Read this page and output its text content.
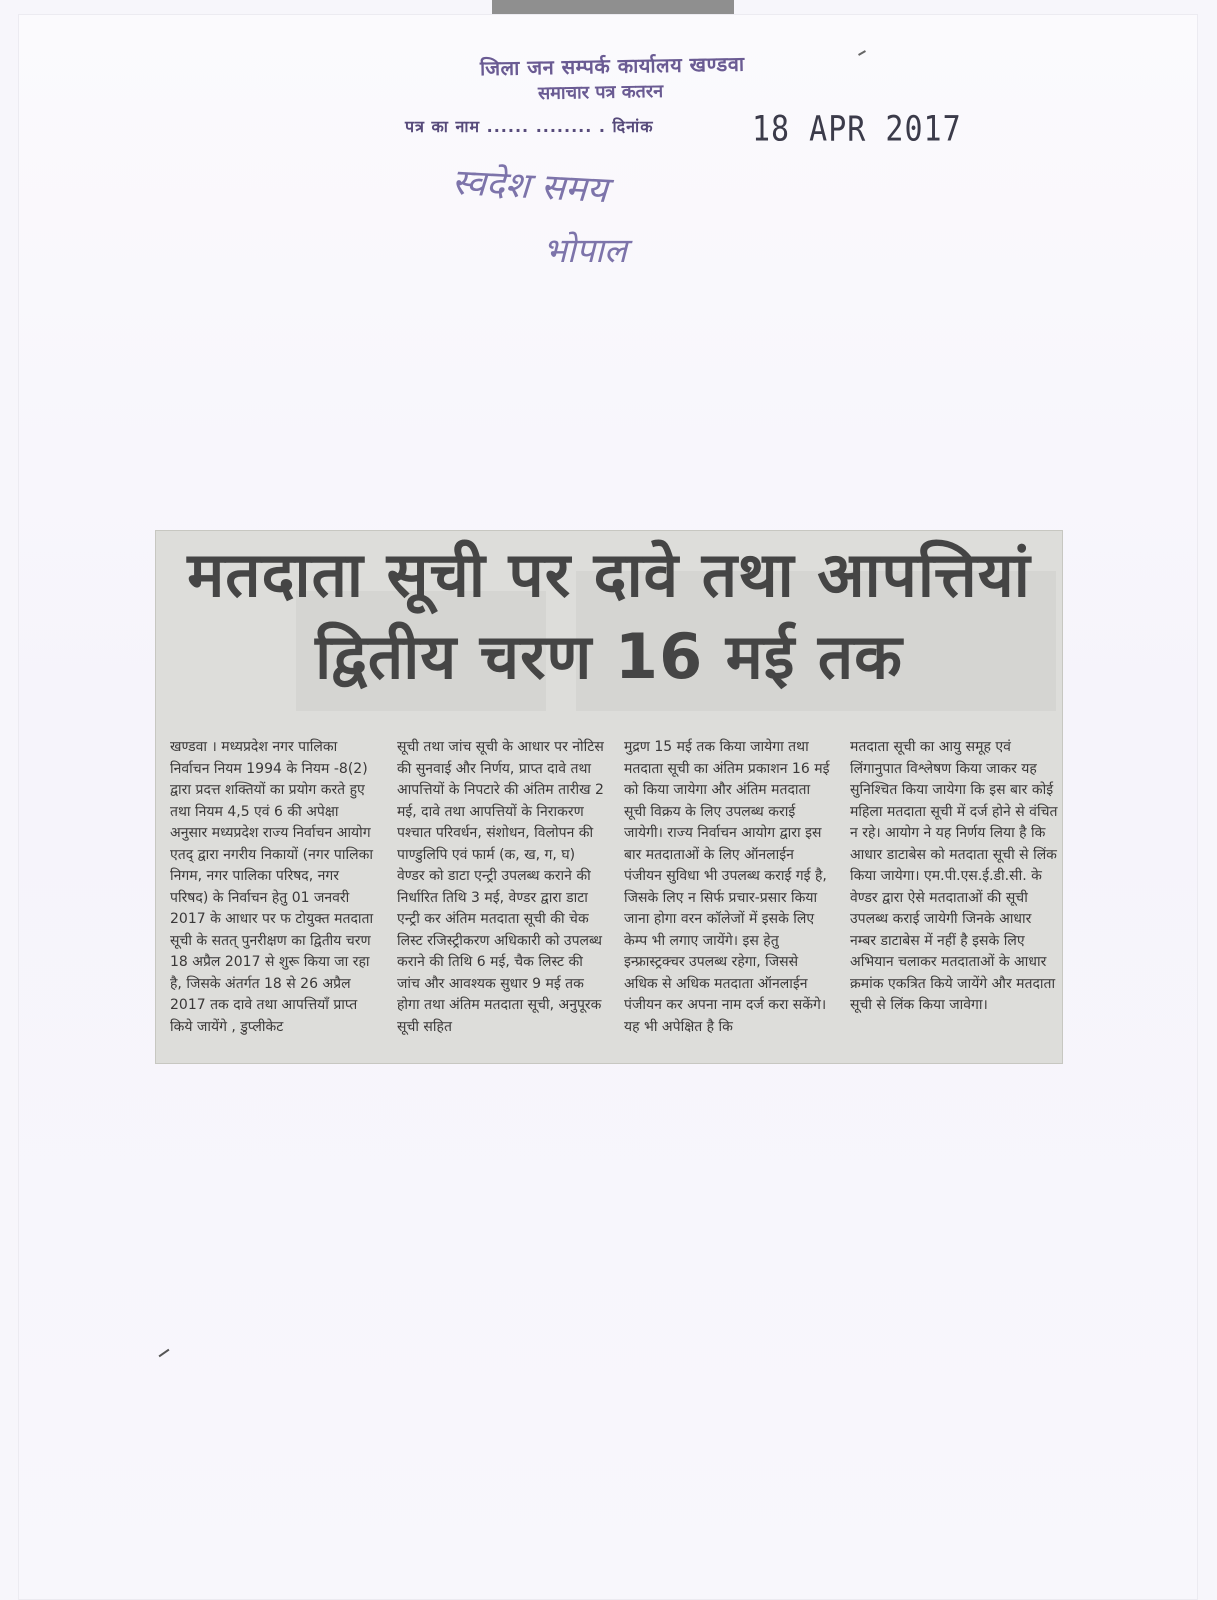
जिला जन सम्पर्क कार्यालय खण्डवा
समाचार पत्र कतरन
पत्र का नाम ...... ........ . दिनांक	18 APR 2017
स्वदेश समय
भोपाल
मतदाता सूची पर दावे तथा आपत्तियां
द्वितीय चरण 16 मई तक
खण्डवा । मध्यप्रदेश नगर पालिका निर्वाचन नियम 1994 के नियम -8(2) द्वारा प्रदत्त शक्तियों का प्रयोग करते हुए तथा नियम 4,5 एवं 6 की अपेक्षा अनुसार मध्यप्रदेश राज्य निर्वाचन आयोग एतद् द्वारा नगरीय निकायों (नगर पालिका निगम, नगर पालिका परिषद, नगर परिषद) के निर्वाचन हेतु 01 जनवरी 2017 के आधार पर फ टोयुक्त मतदाता सूची के सतत् पुनरीक्षण का द्वितीय चरण 18 अप्रैल 2017 से शुरू किया जा रहा है, जिसके अंतर्गत 18 से 26 अप्रैल 2017 तक दावे तथा आपत्तियॉं प्राप्त किये जायेंगे , डुप्लीकेट
सूची तथा जांच सूची के आधार पर नोटिस की सुनवाई और निर्णय, प्राप्त दावे तथा आपत्तियों के निपटारे की अंतिम तारीख 2 मई, दावे तथा आपत्तियों के निराकरण पश्चात परिवर्धन, संशोधन, विलोपन की पाण्डुलिपि एवं फार्म (क, ख, ग, घ) वेण्डर को डाटा एन्ट्री उपलब्ध कराने की निर्धारित तिथि 3 मई, वेण्डर द्वारा डाटा एन्ट्री कर अंतिम मतदाता सूची की चेक लिस्ट रजिस्ट्रीकरण अधिकारी को उपलब्ध कराने की तिथि 6 मई, चैक लिस्ट की जांच और आवश्यक सुधार 9 मई तक होगा तथा अंतिम मतदाता सूची, अनुपूरक सूची सहित
मुद्रण 15 मई तक किया जायेगा तथा मतदाता सूची का अंतिम प्रकाशन 16 मई को किया जायेगा और अंतिम मतदाता सूची विक्रय के लिए उपलब्ध कराई जायेगी। राज्य निर्वाचन आयोग द्वारा इस बार मतदाताओं के लिए ऑनलाईन पंजीयन सुविधा भी उपलब्ध कराई गई है, जिसके लिए न सिर्फ प्रचार-प्रसार किया जाना होगा वरन कॉलेजों में इसके लिए केम्प भी लगाए जायेंगे। इस हेतु इन्फ्रास्ट्रक्चर उपलब्ध रहेगा, जिससे अधिक से अधिक मतदाता ऑनलाईन पंजीयन कर अपना नाम दर्ज करा सकेंगे। यह भी अपेक्षित है कि
मतदाता सूची का आयु समूह एवं लिंगानुपात विश्लेषण किया जाकर यह सुनिश्चित किया जायेगा कि इस बार कोई महिला मतदाता सूची में दर्ज होने से वंचित न रहे। आयोग ने यह निर्णय लिया है कि आधार डाटाबेस को मतदाता सूची से लिंक किया जायेगा। एम.पी.एस.ई.डी.सी. के वेण्डर द्वारा ऐसे मतदाताओं की सूची उपलब्ध कराई जायेगी जिनके आधार नम्बर डाटाबेस में नहीं है इसके लिए अभियान चलाकर मतदाताओं के आधार क्रमांक एकत्रित किये जायेंगे और मतदाता सूची से लिंक किया जावेगा।
